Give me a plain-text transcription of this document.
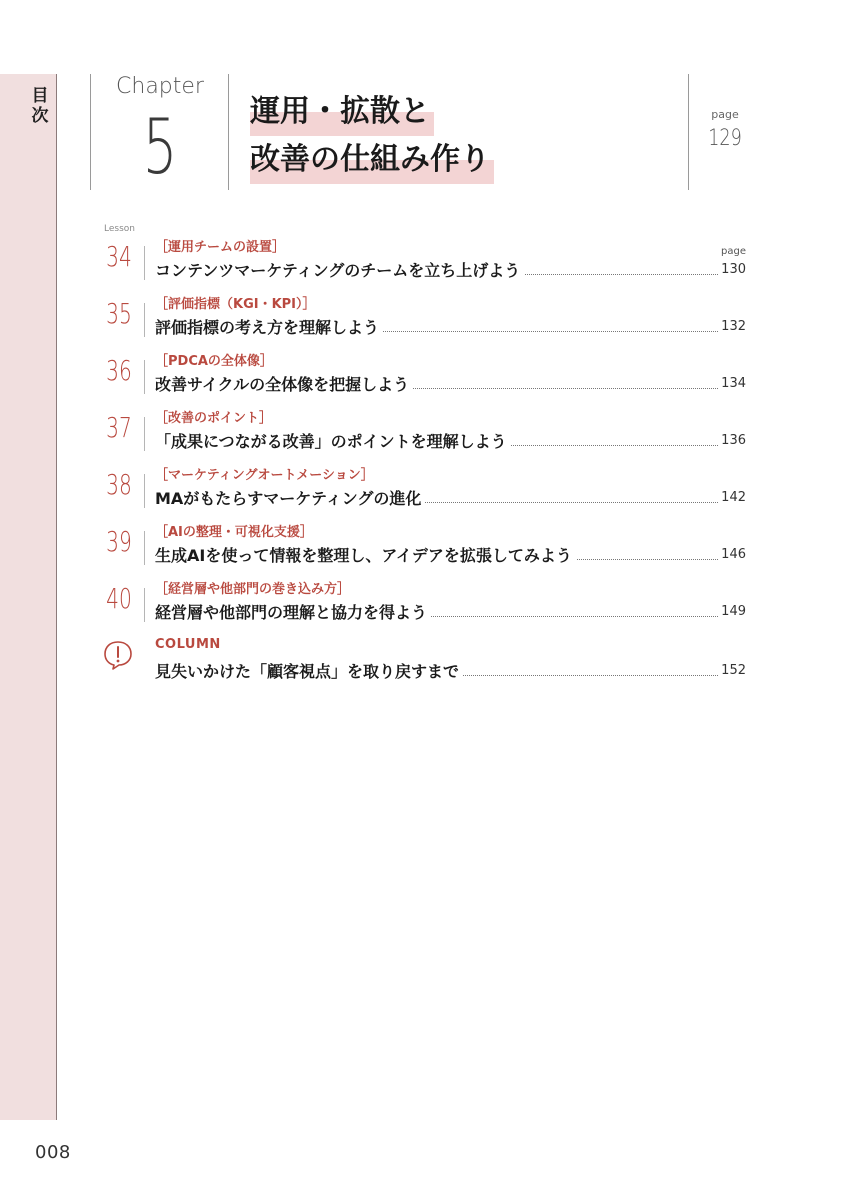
目
次
008
Chapter
5	運用・拡散と
改善の仕組み作り
page
129
Lesson
page
34 ［運用チームの設置］
コンテンツマーケティングのチームを立ち上げよう	130
35 ［評価指標（KGI・KPI）］
評価指標の考え方を理解しよう	132
36 ［PDCAの全体像］
改善サイクルの全体像を把握しよう	134
37 ［改善のポイント］
「成果につながる改善」のポイントを理解しよう	136
38 ［マーケティングオートメーション］
MAがもたらすマーケティングの進化	142
39 ［AIの整理・可視化支援］
生成AIを使って情報を整理し、アイデアを拡張してみよう	146
40 ［経営層や他部門の巻き込み方］
経営層や他部門の理解と協力を得よう	149
COLUMN
見失いかけた「顧客視点」を取り戻すまで	152
